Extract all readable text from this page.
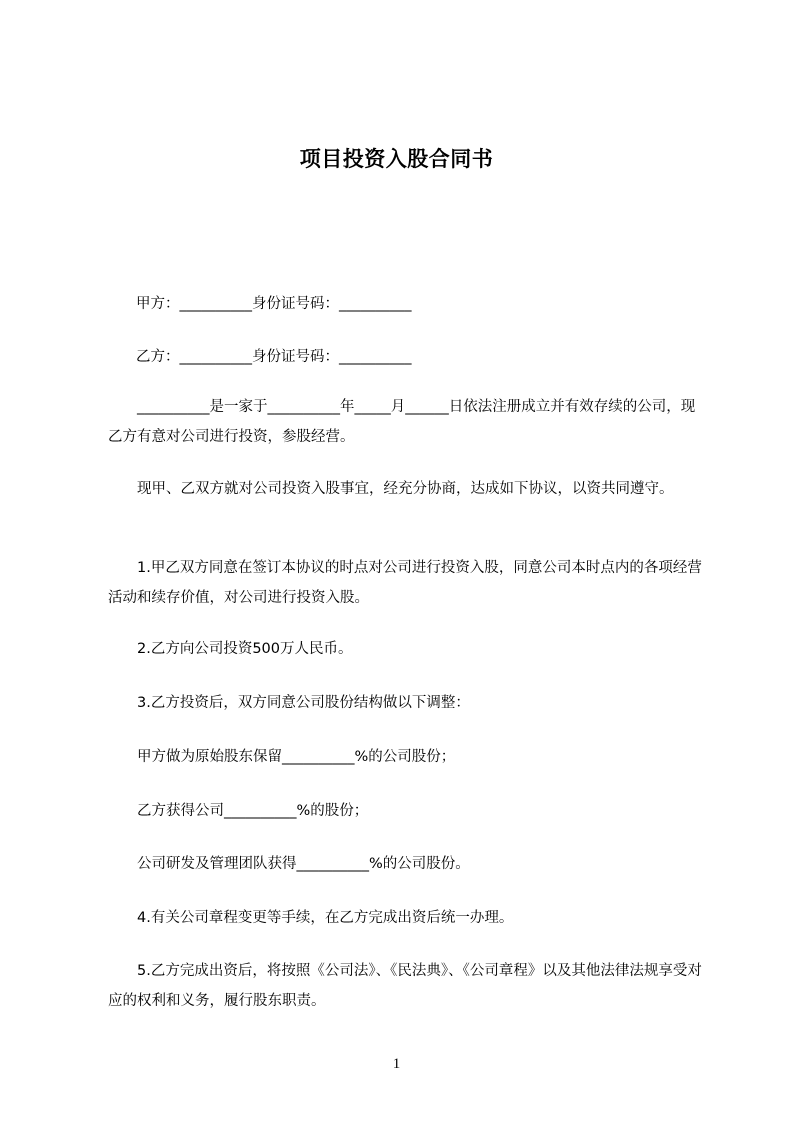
项目投资入股合同书
甲方：__________身份证号码：__________
乙方：__________身份证号码：__________
__________是一家于__________年_____月______日依法注册成立并有效存续的公司，现乙方有意对公司进行投资，参股经营。
现甲、乙双方就对公司投资入股事宜，经充分协商，达成如下协议，以资共同遵守。
1.甲乙双方同意在签订本协议的时点对公司进行投资入股，同意公司本时点内的各项经营活动和续存价值，对公司进行投资入股。
2.乙方向公司投资500万人民币。
3.乙方投资后，双方同意公司股份结构做以下调整：
甲方做为原始股东保留__________%的公司股份；
乙方获得公司__________%的股份；
公司研发及管理团队获得__________%的公司股份。
4.有关公司章程变更等手续，在乙方完成出资后统一办理。
5.乙方完成出资后，将按照《公司法》、《民法典》、《公司章程》以及其他法律法规享受对应的权利和义务，履行股东职责。
1
